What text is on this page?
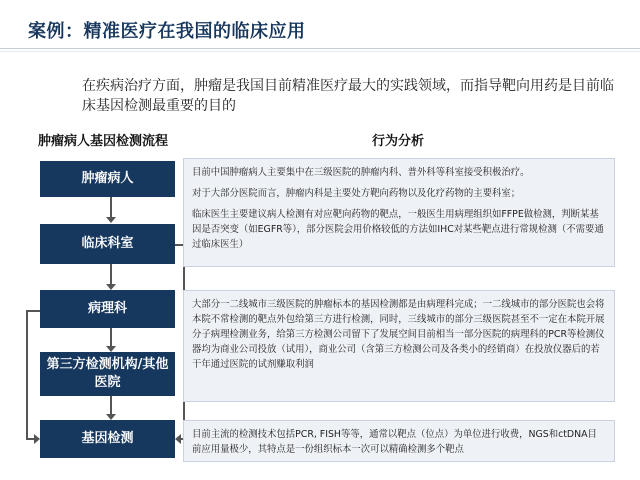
案例：精准医疗在我国的临床应用
在疾病治疗方面，肿瘤是我国目前精准医疗最大的实践领域，而指导靶向用药是目前临床基因检测最重要的目的
肿瘤病人基因检测流程	行为分析
肿瘤病人
临床科室
病理科
第三方检测机构/其他医院
基因检测

目前中国肿瘤病人主要集中在三级医院的肿瘤内科、普外科等科室接受积极治疗。

对于大部分医院而言，肿瘤内科是主要处方靶向药物以及化疗药物的主要科室；

临床医生主要建议病人检测有对应靶向药物的靶点，一般医生用病理组织如FFPE做检测，判断某基因是否突变（如EGFR等），部分医院会用价格较低的方法如IHC对某些靶点进行常规检测（不需要通过临床医生）

大部分一二线城市三级医院的肿瘤标本的基因检测都是由病理科完成；一二线城市的部分医院也会将本院不常检测的靶点外包给第三方进行检测，同时，三线城市的部分三级医院甚至不一定在本院开展分子病理检测业务，给第三方检测公司留下了发展空间目前相当一部分医院的病理科的PCR等检测仪器均为商业公司投放（试用），商业公司（含第三方检测公司及各类小的经销商）在投放仪器后的若干年通过医院的试剂赚取利润

目前主流的检测技术包括PCR, FISH等等，通常以靶点（位点）为单位进行收费，NGS和ctDNA目前应用量极少，其特点是一份组织标本一次可以精确检测多个靶点
